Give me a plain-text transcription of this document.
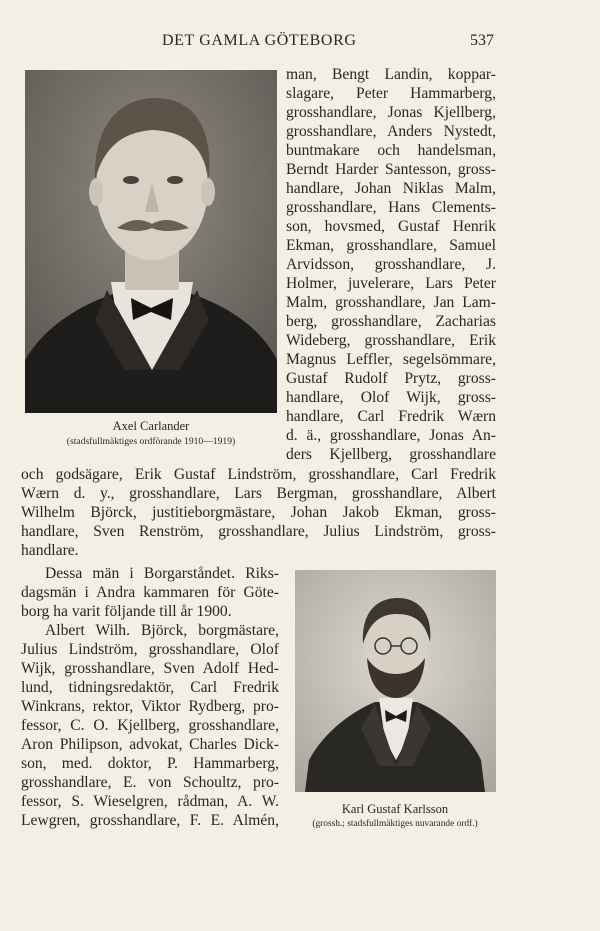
DET GAMLA GÖTEBORG	537
Axel Carlander
(stadsfullmäktiges ordförande 1910—1919)
man, Bengt Landin, koppar-
slagare, Peter Hammarberg,
grosshandlare, Jonas Kjellberg,
grosshandlare, Anders Nystedt,
buntmakare och handelsman,
Berndt Harder Santesson, gross-
handlare, Johan Niklas Malm,
grosshandlare, Hans Clements-
son, hovsmed, Gustaf Henrik
Ekman, grosshandlare, Samuel
Arvidsson, grosshandlare, J.
Holmer, juvelerare, Lars Peter
Malm, grosshandlare, Jan Lam-
berg, grosshandlare, Zacharias
Wideberg, grosshandlare, Erik
Magnus Leffler, segelsömmare,
Gustaf Rudolf Prytz, gross-
handlare, Olof Wijk, gross-
handlare, Carl Fredrik Wærn
d. ä., grosshandlare, Jonas An-
ders Kjellberg, grosshandlare
och godsägare, Erik Gustaf Lindström, grosshandlare, Carl Fredrik
Wærn d. y., grosshandlare, Lars Bergman, grosshandlare, Albert
Wilhelm Björck, justitieborgmästare, Johan Jakob Ekman, gross-
handlare, Sven Renström, grosshandlare, Julius Lindström, gross-
handlare.
Dessa män i Borgarståndet. Riks-
dagsmän i Andra kammaren för Göte-
borg ha varit följande till år 1900.
Albert Wilh. Björck, borgmästare,
Julius Lindström, grosshandlare, Olof
Wijk, grosshandlare, Sven Adolf Hed-
lund, tidningsredaktör, Carl Fredrik
Winkrans, rektor, Viktor Rydberg, pro-
fessor, C. O. Kjellberg, grosshandlare,
Aron Philipson, advokat, Charles Dick-
son, med. doktor, P. Hammarberg,
grosshandlare, E. von Schoultz, pro-
fessor, S. Wieselgren, rådman, A. W.
Lewgren, grosshandlare, F. E. Almén,
Karl Gustaf Karlsson
(grossh.; stadsfullmäktiges nuvarande ordf.)
